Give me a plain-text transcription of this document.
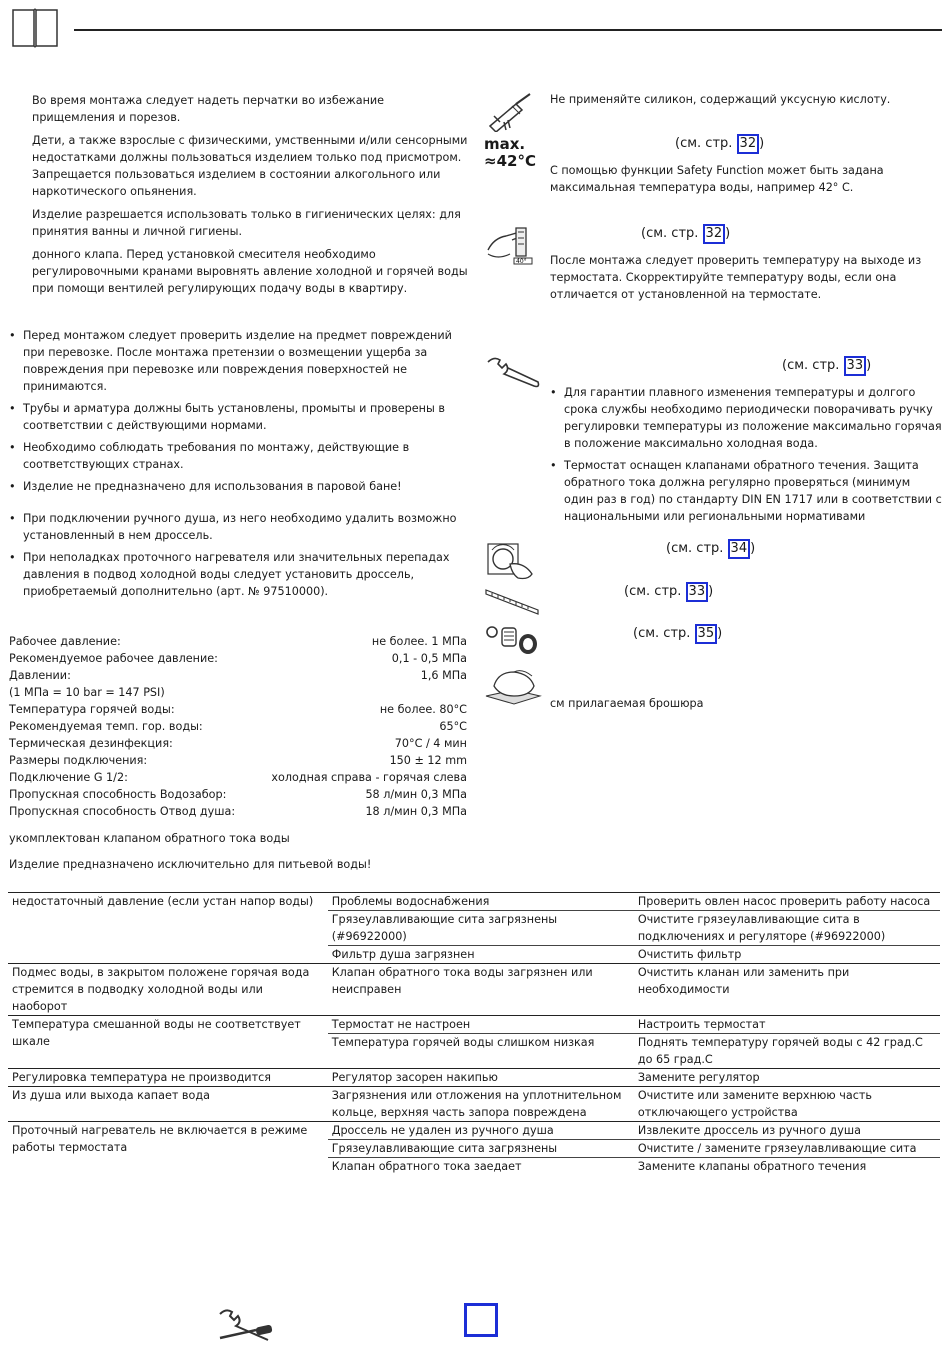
Во время монтажа следует надеть перчатки во избежание прищемления и порезов.

Дети, а также взрослые с физическими, умственными и/или сенсорными недостатками должны пользоваться изделием только под присмотром. Запрещается пользоваться изделием в состоянии алкогольного или наркотического опьянения.

Изделие разрешается использовать только в гигиенических целях: для принятия ванны и личной гигиены.

донного клапа. Перед установкой смесителя необходимо регулировочными кранами выровнять авление холодной и горячей воды при помощи вентилей регулирующих подачу воды в квартиру.

• Перед монтажом следует проверить изделие на предмет повреждений при перевозке. После монтажа претензии о возмещении ущерба за повреждения при перевозке или повреждения поверхностей не принимаются.
• Трубы и арматура должны быть установлены, промыты и проверены в соответствии с действующими нормами.
• Необходимо соблюдать требования по монтажу, действующие в соответствующих странах.
• Изделие не предназначено для использования в паровой бане!
• При подключении ручного душа, из него необходимо удалить возможно установленный в нем дроссель.
• При неполадках проточного нагревателя или значительных перепадах давления в подвод холодной воды следует установить дроссель, приобретаемый дополнительно (арт. № 97510000).
Рабочее давление:	не более. 1 МПа
Рекомендуемое рабочее давление:	0,1 - 0,5 МПа
Давлении:	1,6 МПа
(1 МПа = 10 bar = 147 PSI)
Температура горячей воды:	не более. 80°C
Рекомендуемая темп. гор. воды:	65°C
Термическая дезинфекция:	70°C / 4 мин
Размеры подключения:	150 ± 12 mm
Подключение G 1/2:	холодная справа - горячая слева
Пропускная способность Водозабор:	58 л/мин 0,3 МПа
Пропускная способность Отвод душа:	18 л/мин 0,3 МПа
укомплектован клапаном обратного тока воды
Изделие предназначено исключительно для питьевой воды!
max.
≈42°C
40°
Не применяйте силикон, содержащий уксусную кислоту.
(см. стр. 32 )
С помощью функции Safety Function может быть задана максимальная температура воды, например 42° C.
(см. стр. 32 )
После монтажа следует проверить температуру на выходе из термостата. Скорректируйте температуру воды, если она отличается от установленной на термостате.
(см. стр. 33 )
• Для гарантии плавного изменения температуры и долгого срока службы необходимо периодически поворачивать ручку регулировки температуры из положение максимально горячая в положение максимально холодная вода.
• Термостат оснащен клапанами обратного течения. Защита обратного тока должна регулярно проверяться (минимум один раз в год) по стандарту DIN EN 1717 или в соответствии с национальными или региональными нормативами
(см. стр. 34 )
(см. стр. 33 )
(см. стр. 35 )
см прилагаемая брошюра
недостаточный давление (если устан напор воды)	Проблемы водоснабжения	Проверить овлен насос проверить работу насоса
	Грязеулавливающие сита загрязнены (#96922000)	Очистите грязеулавливающие сита в подключениях и регуляторе (#96922000)
	Фильтр душа загрязнен	Очистить фильтр
Подмес воды, в закрытом положене горячая вода стремится в подводку холодной воды или наоборот	Клапан обратного тока воды загрязнен или неисправен	Очистить кланан или заменить при необходимости
Температура смешанной воды не соответствует шкале	Термостат не настроен	Настроить термостат
	Температура горячей воды слишком низкая	Поднять температуру горячей воды с 42 град.С до 65 град.С
Регулировка температура не производится	Регулятор засорен накипью	Замените регулятор
Из душа или выхода капает вода	Загрязнения или отложения на уплотнительном кольце, верхняя часть запора повреждена	Очистите или замените верхнюю часть отключающего устройства
Проточный нагреватель не включается в режиме работы термостата	Дроссель не удален из ручного душа	Извлеките дроссель из ручного душа
	Грязеулавливающие сита загрязнены	Очистите / замените грязеулавливающие сита
	Клапан обратного тока заедает	Замените клапаны обратного течения
